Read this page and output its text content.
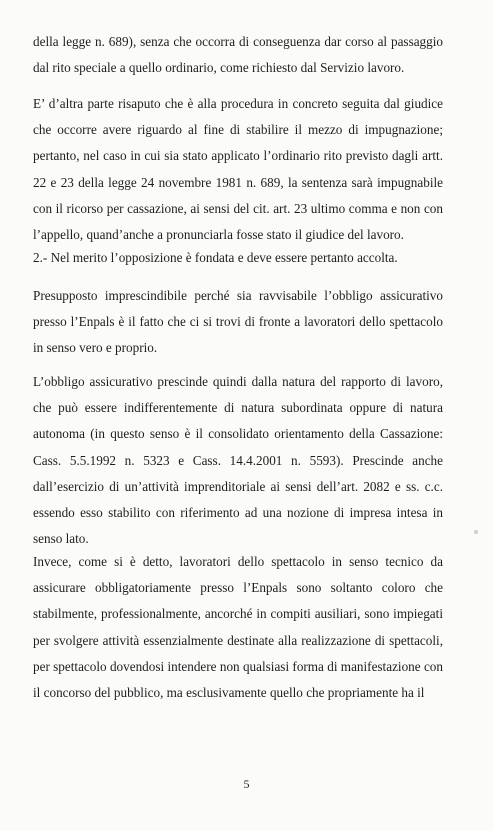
della legge n. 689), senza che occorra di conseguenza dar corso al passaggio dal rito speciale a quello ordinario, come richiesto dal Servizio lavoro.

E’ d’altra parte risaputo che è alla procedura in concreto seguita dal giudice che occorre avere riguardo al fine di stabilire il mezzo di impugnazione; pertanto, nel caso in cui sia stato applicato l’ordinario rito previsto dagli artt. 22 e 23 della legge 24 novembre 1981 n. 689, la sentenza sarà impugnabile con il ricorso per cassazione, ai sensi del cit. art. 23 ultimo comma e non con l’appello, quand’anche a pronunciarla fosse stato il giudice del lavoro.

2.- Nel merito l’opposizione è fondata e deve essere pertanto accolta.

Presupposto imprescindibile perché sia ravvisabile l’obbligo assicurativo presso l’Enpals è il fatto che ci si trovi di fronte a lavoratori dello spettacolo in senso vero e proprio.

L’obbligo assicurativo prescinde quindi dalla natura del rapporto di lavoro, che può essere indifferentemente di natura subordinata oppure di natura autonoma (in questo senso è il consolidato orientamento della Cassazione: Cass. 5.5.1992 n. 5323 e Cass. 14.4.2001 n. 5593). Prescinde anche dall’esercizio di un’attività imprenditoriale ai sensi dell’art. 2082 e ss. c.c. essendo esso stabilito con riferimento ad una nozione di impresa intesa in senso lato.

Invece, come si è detto, lavoratori dello spettacolo in senso tecnico da assicurare obbligatoriamente presso l’Enpals sono soltanto coloro che stabilmente, professionalmente, ancorché in compiti ausiliari, sono impiegati per svolgere attività essenzialmente destinate alla realizzazione di spettacoli, per spettacolo dovendosi intendere non qualsiasi forma di manifestazione con il concorso del pubblico, ma esclusivamente quello che propriamente ha il

5
